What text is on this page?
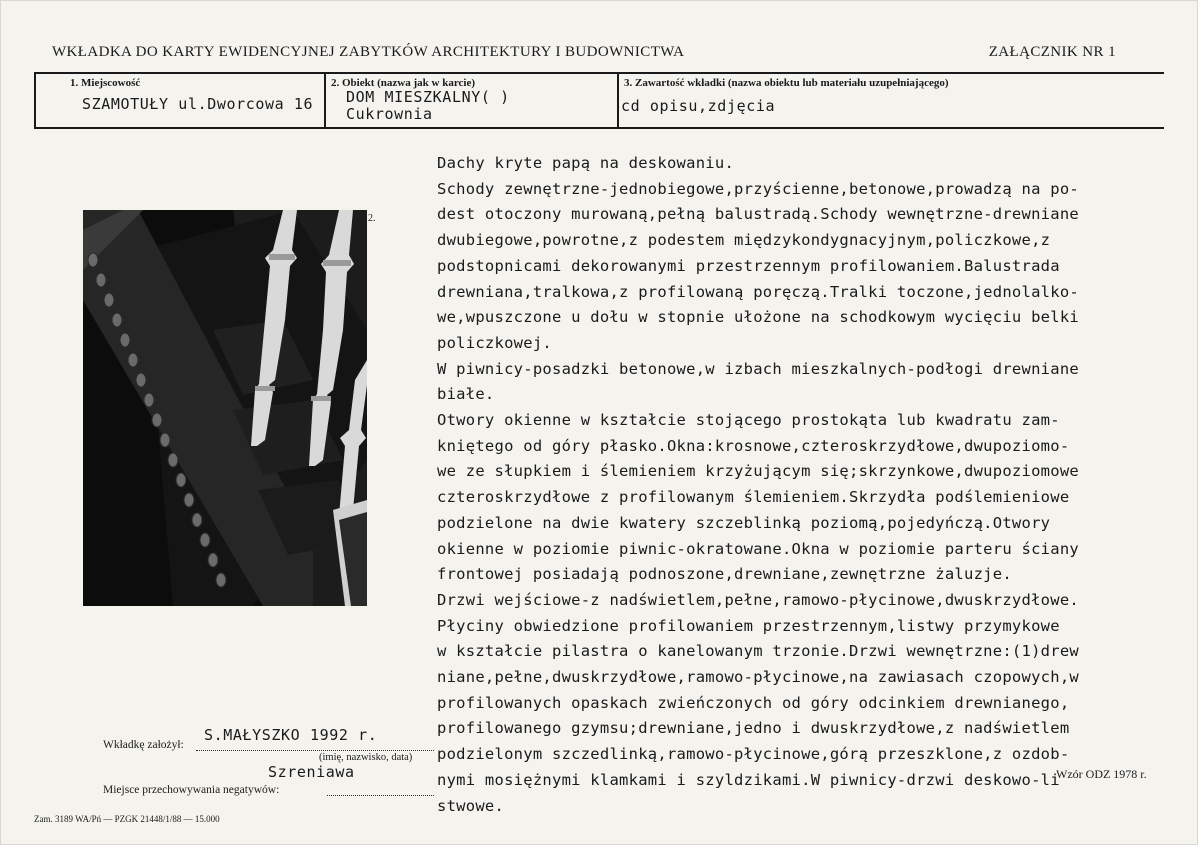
WKŁADKA DO KARTY EWIDENCYJNEJ ZABYTKÓW ARCHITEKTURY I BUDOWNICTWA	ZAŁĄCZNIK NR 1
1. Miejscowość
SZAMOTUŁY ul.Dworcowa 16
2. Obiekt (nazwa jak w karcie)
DOM MIESZKALNY( )
Cukrownia
3. Zawartość wkładki (nazwa obiektu lub materiału uzupełniającego)
cd opisu,zdjęcia
2.
Dachy kryte papą na deskowaniu.
Schody zewnętrzne-jednobiegowe,przyścienne,betonowe,prowadzą na po-
dest otoczony murowaną,pełną balustradą.Schody wewnętrzne-drewniane
dwubiegowe,powrotne,z podestem międzykondygnacyjnym,policzkowe,z
podstopnicami dekorowanymi przestrzennym profilowaniem.Balustrada
drewniana,tralkowa,z profilowaną poręczą.Tralki toczone,jednolalko-
we,wpuszczone u dołu w stopnie ułożone na schodkowym wycięciu belki
policzkowej.
W piwnicy-posadzki betonowe,w izbach mieszkalnych-podłogi drewniane
białe.
Otwory okienne w kształcie stojącego prostokąta lub kwadratu zam-
kniętego od góry płasko.Okna:krosnowe,czteroskrzydłowe,dwupoziomo-
we ze słupkiem i ślemieniem krzyżującym się;skrzynkowe,dwupoziomowe
czteroskrzydłowe z profilowanym ślemieniem.Skrzydła podślemieniowe
podzielone na dwie kwatery szczeblinką poziomą,pojedyńczą.Otwory
okienne w poziomie piwnic-okratowane.Okna w poziomie parteru ściany
frontowej posiadają podnoszone,drewniane,zewnętrzne żaluzje.
Drzwi wejściowe-z nadświetlem,pełne,ramowo-płycinowe,dwuskrzydłowe.
Płyciny obwiedzione profilowaniem przestrzennym,listwy przymykowe
w kształcie pilastra o kanelowanym trzonie.Drzwi wewnętrzne:(1)drew
niane,pełne,dwuskrzydłowe,ramowo-płycinowe,na zawiasach czopowych,w
profilowanych opaskach zwieńczonych od góry odcinkiem drewnianego,
profilowanego gzymsu;drewniane,jedno i dwuskrzydłowe,z nadświetlem
podzielonym szczedlinką,ramowo-płycinowe,górą przeszklone,z ozdob-
nymi mosiężnymi klamkami i szyldzikami.W piwnicy-drzwi deskowo-li
stwowe.
Wkładkę założył:
S.MAŁYSZKO 1992 r.
(imię, nazwisko, data)
Szreniawa
Miejsce przechowywania negatywów:
Wzór ODZ 1978 r.
Zam. 3189 WA/Pń — PZGK 21448/1/88 — 15.000
